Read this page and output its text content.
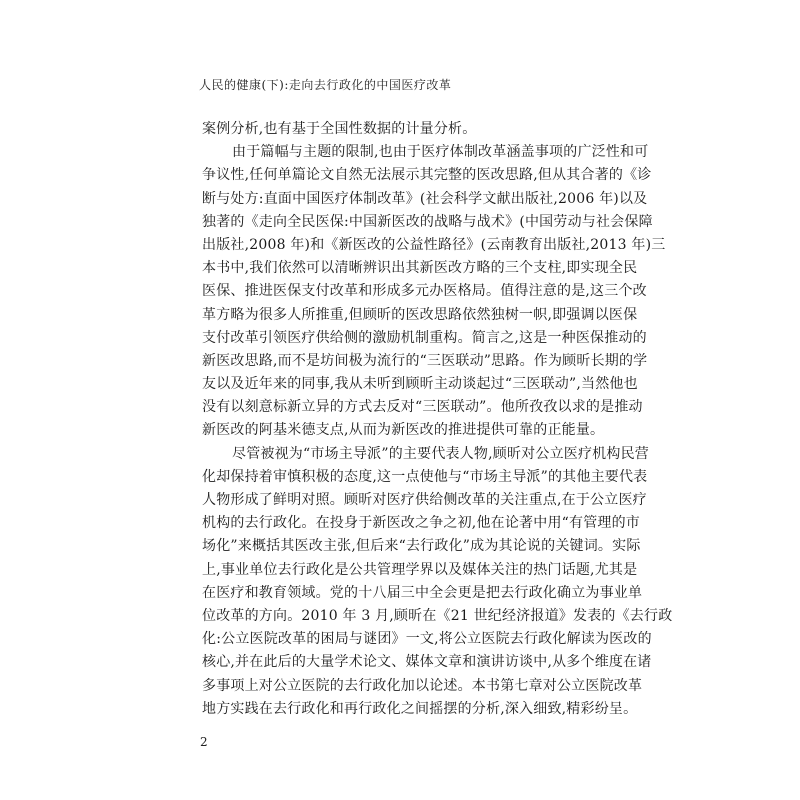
人民的健康(下):走向去行政化的中国医疗改革
案例分析,也有基于全国性数据的计量分析。
由于篇幅与主题的限制,也由于医疗体制改革涵盖事项的广泛性和可
争议性,任何单篇论文自然无法展示其完整的医改思路,但从其合著的《诊
断与处方:直面中国医疗体制改革》(社会科学文献出版社,2006 年)以及
独著的《走向全民医保:中国新医改的战略与战术》(中国劳动与社会保障
出版社,2008 年)和《新医改的公益性路径》(云南教育出版社,2013 年)三
本书中,我们依然可以清晰辨识出其新医改方略的三个支柱,即实现全民
医保、推进医保支付改革和形成多元办医格局。值得注意的是,这三个改
革方略为很多人所推重,但顾昕的医改思路依然独树一帜,即强调以医保
支付改革引领医疗供给侧的激励机制重构。简言之,这是一种医保推动的
新医改思路,而不是坊间极为流行的“三医联动”思路。作为顾昕长期的学
友以及近年来的同事,我从未听到顾昕主动谈起过“三医联动”,当然他也
没有以刻意标新立异的方式去反对“三医联动”。他所孜孜以求的是推动
新医改的阿基米德支点,从而为新医改的推进提供可靠的正能量。
尽管被视为“市场主导派”的主要代表人物,顾昕对公立医疗机构民营
化却保持着审慎积极的态度,这一点使他与“市场主导派”的其他主要代表
人物形成了鲜明对照。顾昕对医疗供给侧改革的关注重点,在于公立医疗
机构的去行政化。在投身于新医改之争之初,他在论著中用“有管理的市
场化”来概括其医改主张,但后来“去行政化”成为其论说的关键词。实际
上,事业单位去行政化是公共管理学界以及媒体关注的热门话题,尤其是
在医疗和教育领域。党的十八届三中全会更是把去行政化确立为事业单
位改革的方向。2010 年 3 月,顾昕在《21 世纪经济报道》发表的《去行政
化:公立医院改革的困局与谜团》一文,将公立医院去行政化解读为医改的
核心,并在此后的大量学术论文、媒体文章和演讲访谈中,从多个维度在诸
多事项上对公立医院的去行政化加以论述。本书第七章对公立医院改革
地方实践在去行政化和再行政化之间摇摆的分析,深入细致,精彩纷呈。
2
